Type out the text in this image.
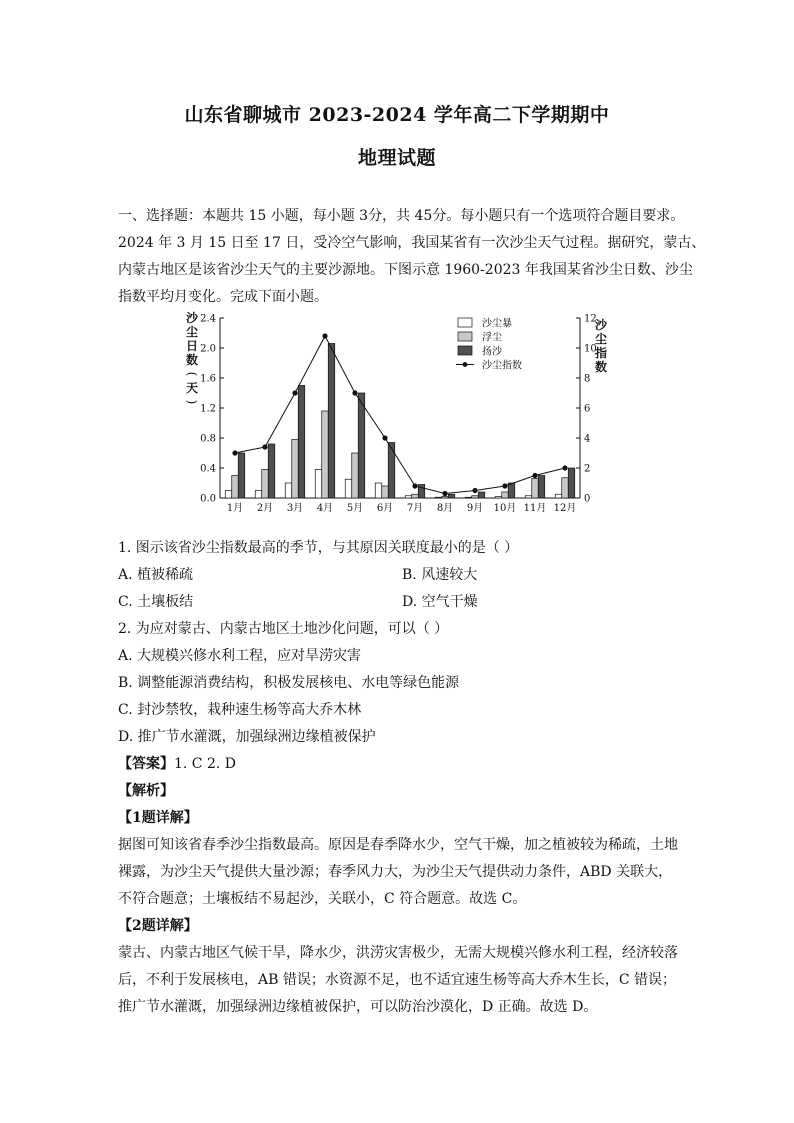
山东省聊城市 2023-2024 学年高二下学期期中
地理试题
一、选择题：本题共 15 小题，每小题 3分，共 45分。每小题只有一个选项符合题目要求。
2024 年 3 月 15 日至 17 日，受冷空气影响，我国某省有一次沙尘天气过程。据研究，蒙古、
内蒙古地区是该省沙尘天气的主要沙源地。下图示意 1960-2023 年我国某省沙尘日数、沙尘
指数平均月变化。完成下面小题。
0.0
0.4
0.8
1.2
1.6
2.0
2.4
0
2
4
6
8
10
12
沙
尘
日
数
(
天
)
沙
尘
指
数
1月 2月 3月 4月 5月 6月 7月 8月 9月 10月 11月 12月
沙尘暴
浮尘
扬沙
沙尘指数
1. 图示该省沙尘指数最高的季节，与其原因关联度最小的是（ ）
A. 植被稀疏	B. 风速较大
C. 土壤板结	D. 空气干燥
2. 为应对蒙古、内蒙古地区土地沙化问题，可以（ ）
A. 大规模兴修水利工程，应对旱涝灾害
B. 调整能源消费结构，积极发展核电、水电等绿色能源
C. 封沙禁牧，栽种速生杨等高大乔木林
D. 推广节水灌溉，加强绿洲边缘植被保护
【答案】1. C 2. D
【解析】
【1题详解】
据图可知该省春季沙尘指数最高。原因是春季降水少，空气干燥，加之植被较为稀疏，土地
裸露，为沙尘天气提供大量沙源；春季风力大，为沙尘天气提供动力条件，ABD 关联大，
不符合题意；土壤板结不易起沙，关联小，C 符合题意。故选 C。
【2题详解】
蒙古、内蒙古地区气候干旱，降水少，洪涝灾害极少，无需大规模兴修水利工程，经济较落
后，不利于发展核电，AB 错误；水资源不足，也不适宜速生杨等高大乔木生长，C 错误；
推广节水灌溉，加强绿洲边缘植被保护，可以防治沙漠化，D 正确。故选 D。
